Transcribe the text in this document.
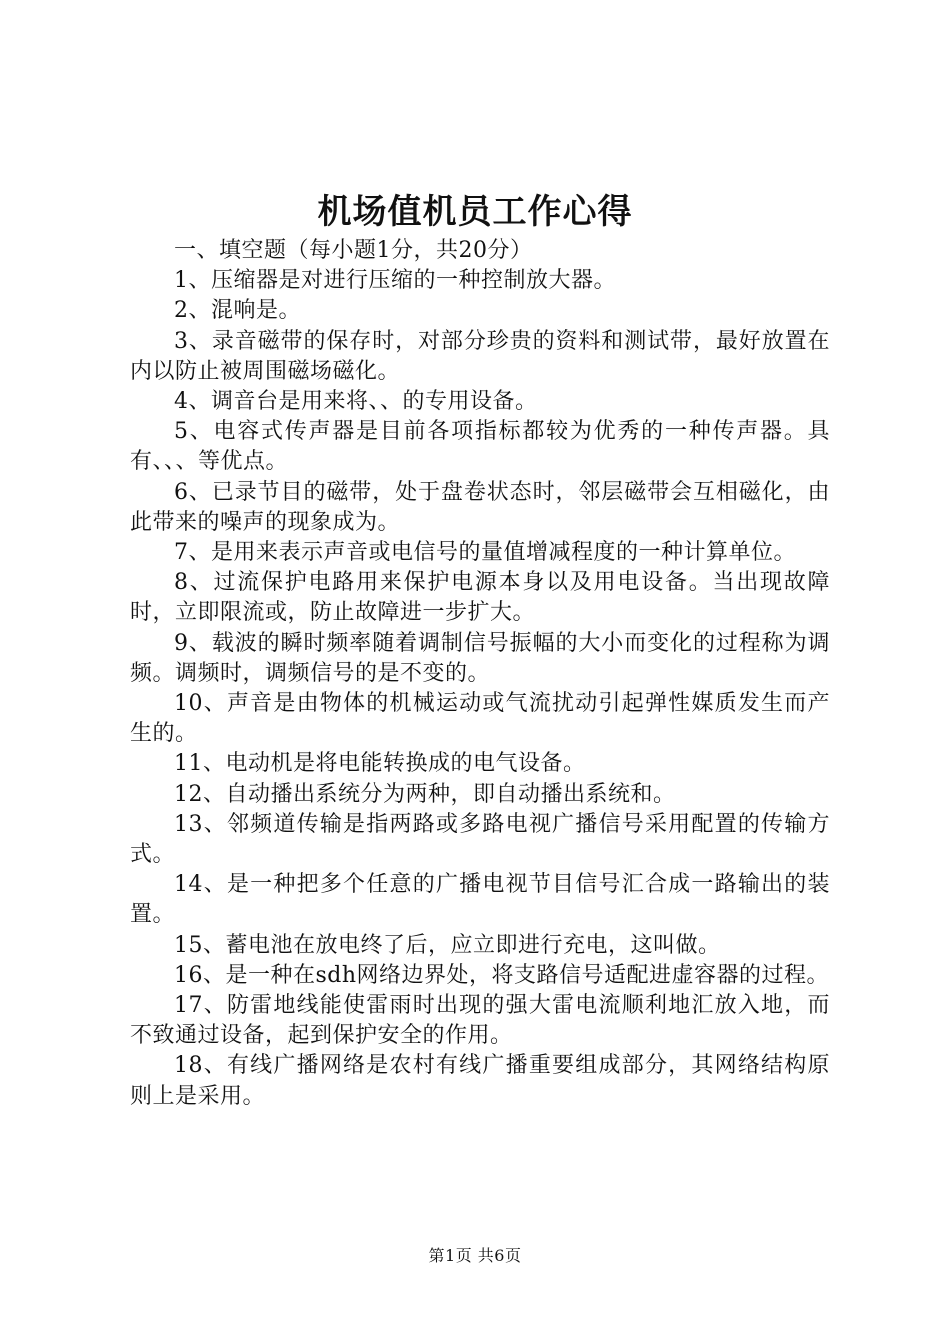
机场值机员工作心得

一、填空题（每小题1分，共20分）

1、压缩器是对进行压缩的一种控制放大器。

2、混响是。

3、录音磁带的保存时，对部分珍贵的资料和测试带，最好放置在内以防止被周围磁场磁化。

4、调音台是用来将、、的专用设备。

5、电容式传声器是目前各项指标都较为优秀的一种传声器。具有、、、等优点。

6、已录节目的磁带，处于盘卷状态时，邻层磁带会互相磁化，由此带来的噪声的现象成为。

7、是用来表示声音或电信号的量值增减程度的一种计算单位。

8、过流保护电路用来保护电源本身以及用电设备。当出现故障时，立即限流或，防止故障进一步扩大。

9、载波的瞬时频率随着调制信号振幅的大小而变化的过程称为调频。调频时，调频信号的是不变的。

10、声音是由物体的机械运动或气流扰动引起弹性媒质发生而产生的。

11、电动机是将电能转换成的电气设备。

12、自动播出系统分为两种，即自动播出系统和。

13、邻频道传输是指两路或多路电视广播信号采用配置的传输方式。

14、是一种把多个任意的广播电视节目信号汇合成一路输出的装置。

15、蓄电池在放电终了后，应立即进行充电，这叫做。

16、是一种在sdh网络边界处，将支路信号适配进虚容器的过程。

17、防雷地线能使雷雨时出现的强大雷电流顺利地汇放入地，而不致通过设备，起到保护安全的作用。

18、有线广播网络是农村有线广播重要组成部分，其网络结构原则上是采用。

第1页 共6页
